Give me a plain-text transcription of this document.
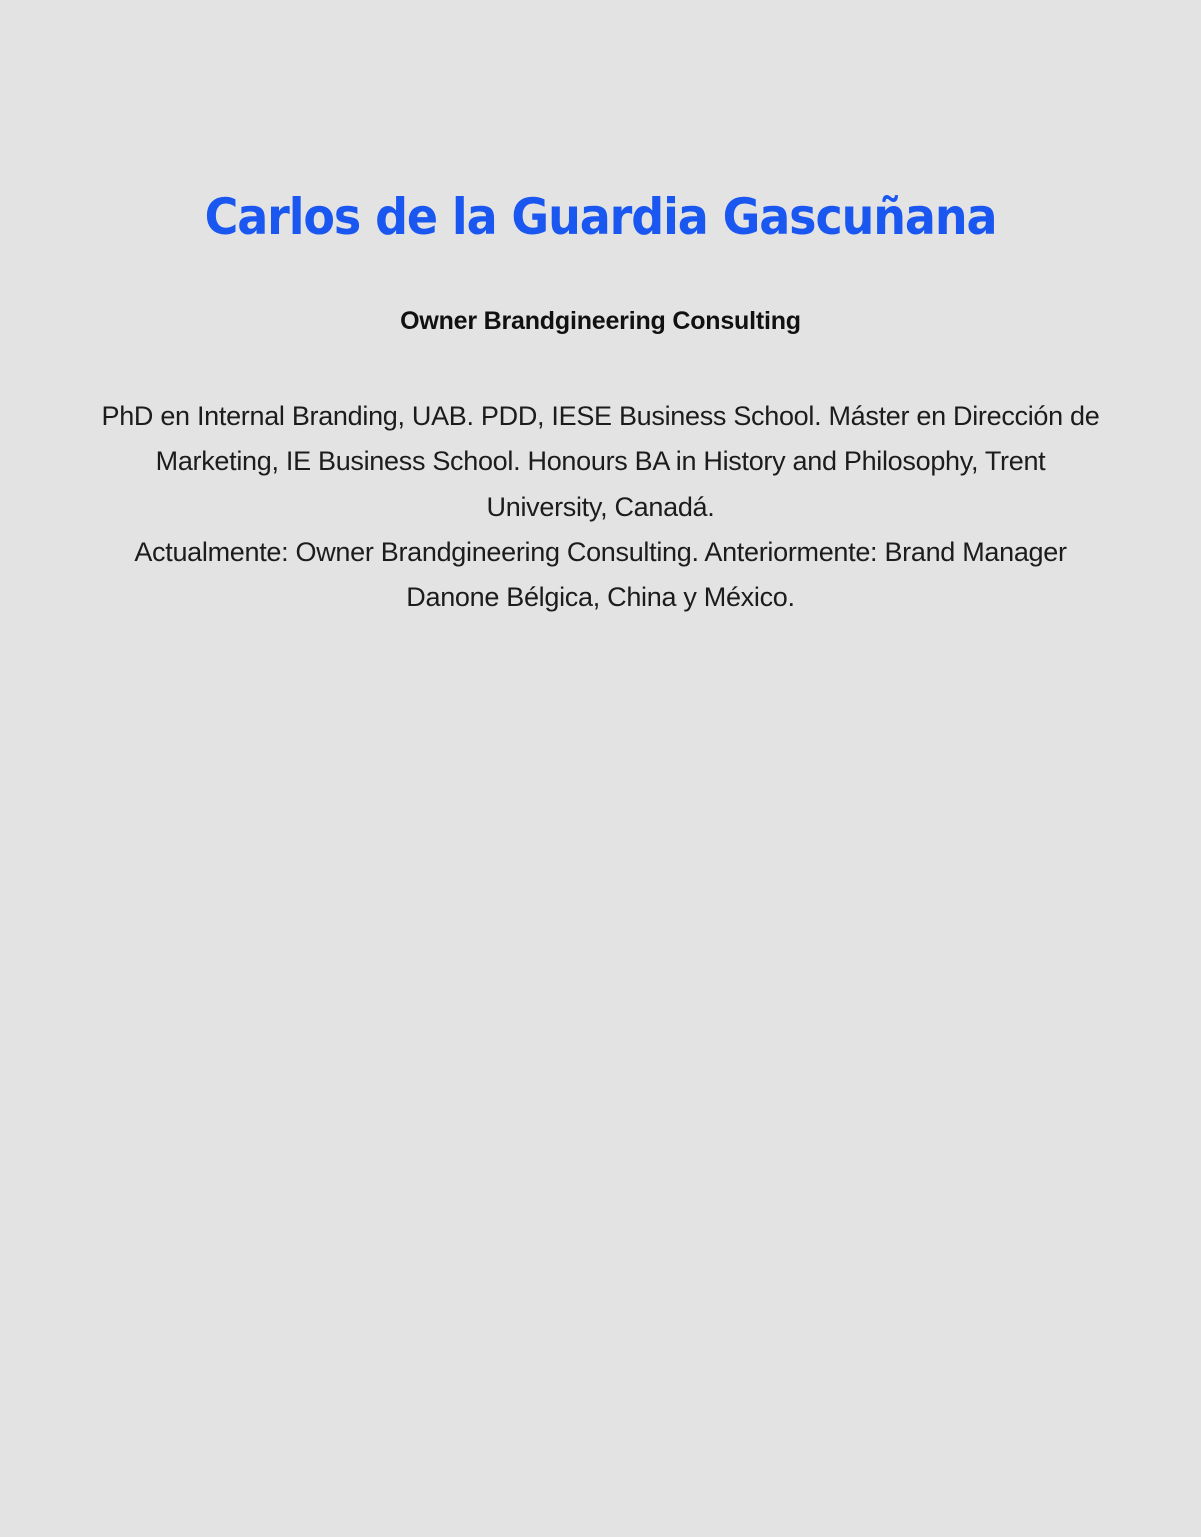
Carlos de la Guardia Gascuñana
Owner Brandgineering Consulting

PhD en Internal Branding, UAB. PDD, IESE Business School. Máster en Dirección de Marketing, IE Business School. Honours BA in History and Philosophy, Trent University, Canadá.

Actualmente: Owner Brandgineering Consulting. Anteriormente: Brand Manager Danone Bélgica, China y México.
